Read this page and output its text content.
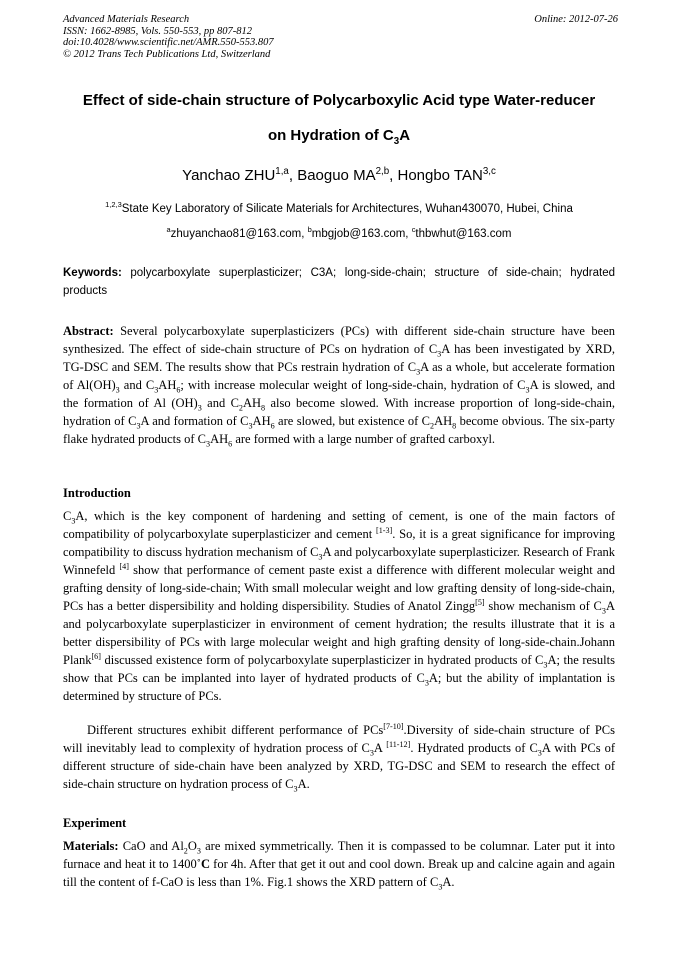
Advanced Materials Research
ISSN: 1662-8985, Vols. 550-553, pp 807-812
doi:10.4028/www.scientific.net/AMR.550-553.807
© 2012 Trans Tech Publications Ltd, Switzerland
Online: 2012-07-26
Effect of side-chain structure of Polycarboxylic Acid type Water-reducer
on Hydration of $C_3A$
Yanchao ZHU$^{1,a}$, Baoguo MA$^{2,b}$, Hongbo TAN$^{3,c}$
$^{1,2,3}$State Key Laboratory of Silicate Materials for Architectures, Wuhan430070, Hubei, China
$^a$zhuyanchao81@163.com, $^b$mbgjob@163.com, $^c$thbwhut@163.com
Keywords: polycarboxylate superplasticizer; C3A; long-side-chain; structure of side-chain; hydrated products
Abstract: Several polycarboxylate superplasticizers (PCs) with different side-chain structure have been synthesized. The effect of side-chain structure of PCs on hydration of $C_3A$ has been investigated by XRD, TG-DSC and SEM. The results show that PCs restrain hydration of $C_3A$ as a whole, but accelerate formation of $Al(OH)_3$ and $C_3AH_6$; with increase molecular weight of long-side-chain, hydration of $C_3A$ is slowed, and the formation of Al $(OH)_3$ and $C_2AH_8$ also become slowed. With increase proportion of long-side-chain, hydration of $C_3A$ and formation of $C_3AH_6$ are slowed, but existence of $C_2AH_8$ become obvious. The six-party flake hydrated products of $C_3AH_6$ are formed with a large number of grafted carboxyl.
Introduction
$C_3A$, which is the key component of hardening and setting of cement, is one of the main factors of compatibility of polycarboxylate superplasticizer and cement [1-3]. So, it is a great significance for improving compatibility to discuss hydration mechanism of $C_3A$ and polycarboxylate superplasticizer. Research of Frank Winnefeld [4] show that performance of cement paste exist a difference with different molecular weight and grafting density of long-side-chain; With small molecular weight and low grafting density of long-side-chain, PCs has a better dispersibility and holding dispersibility. Studies of Anatol Zingg[5] show mechanism of $C_3A$ and polycarboxylate superplasticizer in environment of cement hydration; the results illustrate that it is a better dispersibility of PCs with large molecular weight and high grafting density of long-side-chain.Johann Plank[6] discussed existence form of polycarboxylate superplasticizer in hydrated products of $C_3A$; the results show that PCs can be implanted into layer of hydrated products of $C_3A$; but the ability of implantation is determined by structure of PCs.
Different structures exhibit different performance of PCs[7-10].Diversity of side-chain structure of PCs will inevitably lead to complexity of hydration process of $C_3A$ [11-12]. Hydrated products of $C_3A$ with PCs of different structure of side-chain have been analyzed by XRD, TG-DSC and SEM to research the effect of side-chain structure on hydration process of $C_3A$.
Experiment
Materials: CaO and $Al_2O_3$ are mixed symmetrically. Then it is compassed to be columnar. Later put it into furnace and heat it to 1400˚C for 4h. After that get it out and cool down. Break up and calcine again and again till the content of f-CaO is less than 1%. Fig.1 shows the XRD pattern of $C_3A$.
